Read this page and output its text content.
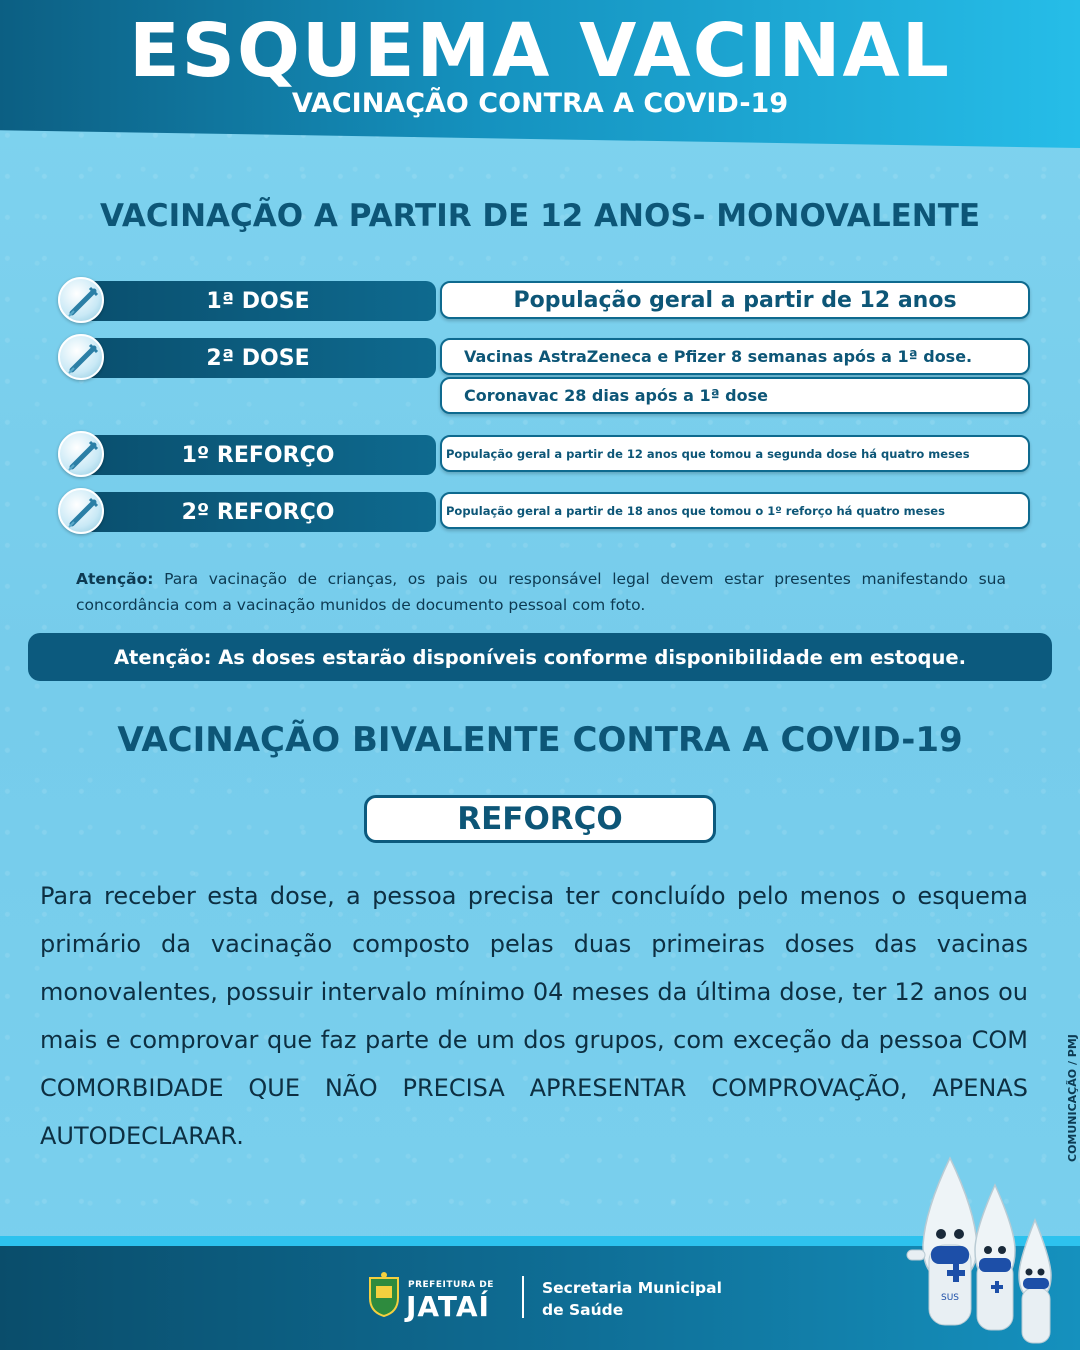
ESQUEMA VACINAL
VACINAÇÃO CONTRA A COVID-19
VACINAÇÃO A PARTIR DE 12 ANOS- MONOVALENTE
1ª DOSE	População geral a partir de 12 anos
2ª DOSE	Vacinas AstraZeneca e Pfizer 8 semanas após a 1ª dose.
Coronavac 28 dias após a 1ª dose
1º REFORÇO	População geral a partir de 12 anos que tomou a segunda dose há quatro meses
2º REFORÇO	População geral a partir de 18 anos que tomou o 1º reforço há quatro meses
Atenção: Para vacinação de crianças, os pais ou responsável legal devem estar presentes manifestando sua concordância com a vacinação munidos de documento pessoal com foto.
Atenção: As doses estarão disponíveis conforme disponibilidade em estoque.
VACINAÇÃO BIVALENTE CONTRA A COVID-19
REFORÇO
Para receber esta dose, a pessoa precisa ter concluído pelo menos o esquema primário da vacinação composto pelas duas primeiras doses das vacinas monovalentes, possuir intervalo mínimo 04 meses da última dose, ter 12 anos ou mais e comprovar que faz parte de um dos grupos, com exceção da pessoa COM COMORBIDADE QUE NÃO PRECISA APRESENTAR COMPROVAÇÃO, APENAS AUTODECLARAR.	COMUNICAÇÃO / PMJ
PREFEITURA DE
JATAÍ
Secretaria Municipal
de Saúde
SUS
